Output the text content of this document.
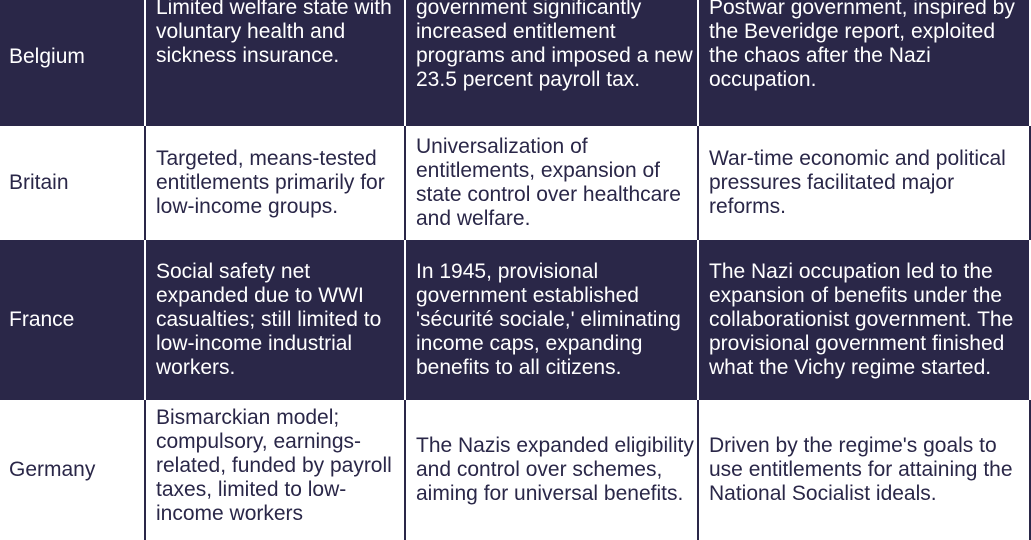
Belgium	Limited welfare state with voluntary health and sickness insurance.	government significantly increased entitlement programs and imposed a new 23.5 percent payroll tax.	Postwar government, inspired by the Beveridge report, exploited the chaos after the Nazi occupation.
Britain	Targeted, means-tested entitlements primarily for low-income groups.	Universalization of entitlements, expansion of state control over healthcare and welfare.	War-time economic and political pressures facilitated major reforms.
France	Social safety net expanded due to WWI casualties; still limited to low-income industrial workers.	In 1945, provisional government established 'sécurité sociale,' eliminating income caps, expanding benefits to all citizens.	The Nazi occupation led to the expansion of benefits under the collaborationist government. The provisional government finished what the Vichy regime started.
Germany	Bismarckian model; compulsory, earnings-related, funded by payroll taxes, limited to low-income workers	The Nazis expanded eligibility and control over schemes, aiming for universal benefits.	Driven by the regime's goals to use entitlements for attaining the National Socialist ideals.
